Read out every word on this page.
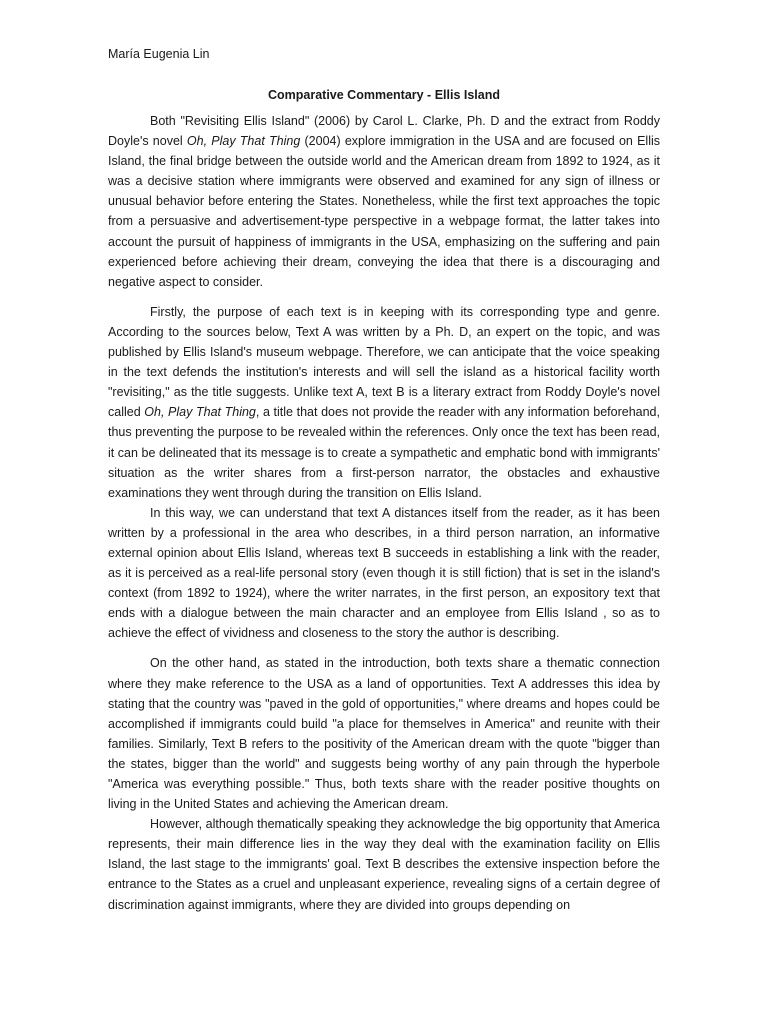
María Eugenia Lin
Comparative Commentary - Ellis Island

Both "Revisiting Ellis Island" (2006) by Carol L. Clarke, Ph. D and the extract from Roddy Doyle's novel Oh, Play That Thing (2004) explore immigration in the USA and are focused on Ellis Island, the final bridge between the outside world and the American dream from 1892 to 1924, as it was a decisive station where immigrants were observed and examined for any sign of illness or unusual behavior before entering the States. Nonetheless, while the first text approaches the topic from a persuasive and advertisement-type perspective in a webpage format, the latter takes into account the pursuit of happiness of immigrants in the USA, emphasizing on the suffering and pain experienced before achieving their dream, conveying the idea that there is a discouraging and negative aspect to consider.

Firstly, the purpose of each text is in keeping with its corresponding type and genre. According to the sources below, Text A was written by a Ph. D, an expert on the topic, and was published by Ellis Island's museum webpage. Therefore, we can anticipate that the voice speaking in the text defends the institution's interests and will sell the island as a historical facility worth "revisiting," as the title suggests. Unlike text A, text B is a literary extract from Roddy Doyle's novel called Oh, Play That Thing, a title that does not provide the reader with any information beforehand, thus preventing the purpose to be revealed within the references. Only once the text has been read, it can be delineated that its message is to create a sympathetic and emphatic bond with immigrants' situation as the writer shares from a first-person narrator, the obstacles and exhaustive examinations they went through during the transition on Ellis Island.

In this way, we can understand that text A distances itself from the reader, as it has been written by a professional in the area who describes, in a third person narration, an informative external opinion about Ellis Island, whereas text B succeeds in establishing a link with the reader, as it is perceived as a real-life personal story (even though it is still fiction) that is set in the island's context (from 1892 to 1924), where the writer narrates, in the first person, an expository text that ends with a dialogue between the main character and an employee from Ellis Island , so as to achieve the effect of vividness and closeness to the story the author is describing.

On the other hand, as stated in the introduction, both texts share a thematic connection where they make reference to the USA as a land of opportunities. Text A addresses this idea by stating that the country was "paved in the gold of opportunities," where dreams and hopes could be accomplished if immigrants could build "a place for themselves in America" and reunite with their families. Similarly, Text B refers to the positivity of the American dream with the quote "bigger than the states, bigger than the world" and suggests being worthy of any pain through the hyperbole "America was everything possible." Thus, both texts share with the reader positive thoughts on living in the United States and achieving the American dream.

However, although thematically speaking they acknowledge the big opportunity that America represents, their main difference lies in the way they deal with the examination facility on Ellis Island, the last stage to the immigrants' goal. Text B describes the extensive inspection before the entrance to the States as a cruel and unpleasant experience, revealing signs of a certain degree of discrimination against immigrants, where they are divided into groups depending on
